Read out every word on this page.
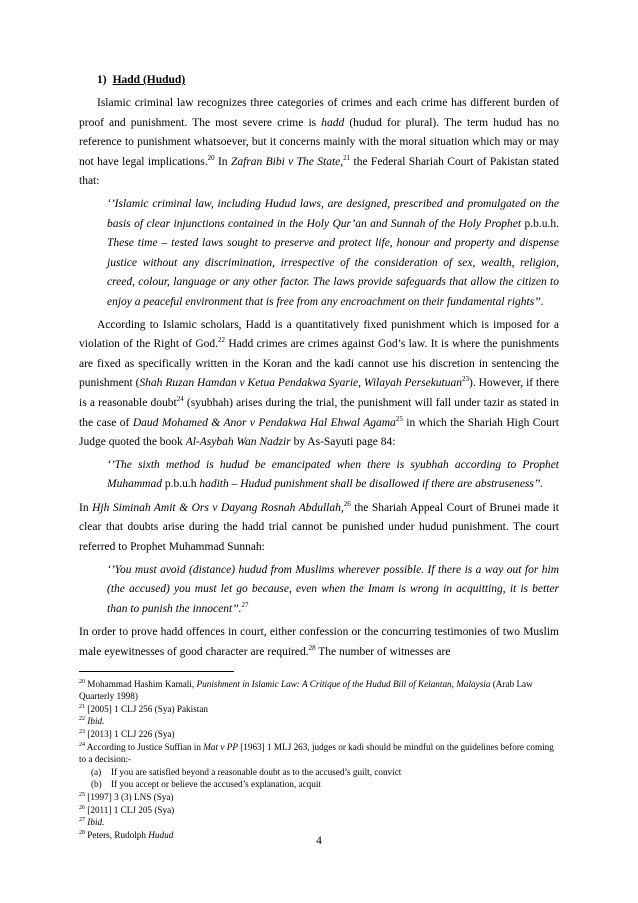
1) Hadd (Hudud)

Islamic criminal law recognizes three categories of crimes and each crime has different burden of proof and punishment. The most severe crime is hadd (hudud for plural). The term hudud has no reference to punishment whatsoever, but it concerns mainly with the moral situation which may or may not have legal implications.$^{20}$ In Zafran Bibi v The State,$^{21}$ the Federal Shariah Court of Pakistan stated that:

‘’Islamic criminal law, including Hudud laws, are designed, prescribed and promulgated on the basis of clear injunctions contained in the Holy Qur’an and Sunnah of the Holy Prophet p.b.u.h. These time – tested laws sought to preserve and protect life, honour and property and dispense justice without any discrimination, irrespective of the consideration of sex, wealth, religion, creed, colour, language or any other factor. The laws provide safeguards that allow the citizen to enjoy a peaceful environment that is free from any encroachment on their fundamental rights’’.

According to Islamic scholars, Hadd is a quantitatively fixed punishment which is imposed for a violation of the Right of God.$^{22}$ Hadd crimes are crimes against God’s law. It is where the punishments are fixed as specifically written in the Koran and the kadi cannot use his discretion in sentencing the punishment (Shah Ruzan Hamdan v Ketua Pendakwa Syarie, Wilayah Persekutuan$^{23}$). However, if there is a reasonable doubt$^{24}$ (syubhah) arises during the trial, the punishment will fall under tazir as stated in the case of Daud Mohamed & Anor v Pendakwa Hal Ehwal Agama$^{25}$ in which the Shariah High Court Judge quoted the book Al-Asybah Wan Nadzir by As-Sayuti page 84:

‘’The sixth method is hudud be emancipated when there is syubhah according to Prophet Muhammad p.b.u.h hadith – Hudud punishment shall be disallowed if there are abstruseness’’.

In Hjh Siminah Amit & Ors v Dayang Rosnah Abdullah,$^{26}$ the Shariah Appeal Court of Brunei made it clear that doubts arise during the hadd trial cannot be punished under hudud punishment. The court referred to Prophet Muhammad Sunnah:

‘’You must avoid (distance) hudud from Muslims wherever possible. If there is a way out for him (the accused) you must let go because, even when the Imam is wrong in acquitting, it is better than to punish the innocent’’.$^{27}$

In order to prove hadd offences in court, either confession or the concurring testimonies of two Muslim male eyewitnesses of good character are required.$^{28}$ The number of witnesses are

$^{20}$ Mohammad Hashim Kamali, Punishment in Islamic Law: A Critique of the Hudud Bill of Kelantan, Malaysia (Arab Law Quarterly 1998)

$^{21}$ [2005] 1 CLJ 256 (Sya) Pakistan

$^{22}$ Ibid.

$^{23}$ [2013] 1 CLJ 226 (Sya)

$^{24}$ According to Justice Suffian in Mat v PP [1963] 1 MLJ 263, judges or kadi should be mindful on the guidelines before coming to a decision:-

(a) If you are satisfied beyond a reasonable doubt as to the accused’s guilt, convict

(b) If you accept or believe the accused’s explanation, acquit

$^{25}$ [1997] 3 (3) LNS (Sya)

$^{26}$ [2011] 1 CLJ 205 (Sya)

$^{27}$ Ibid.

$^{28}$ Peters, Rudolph Hudud

4
